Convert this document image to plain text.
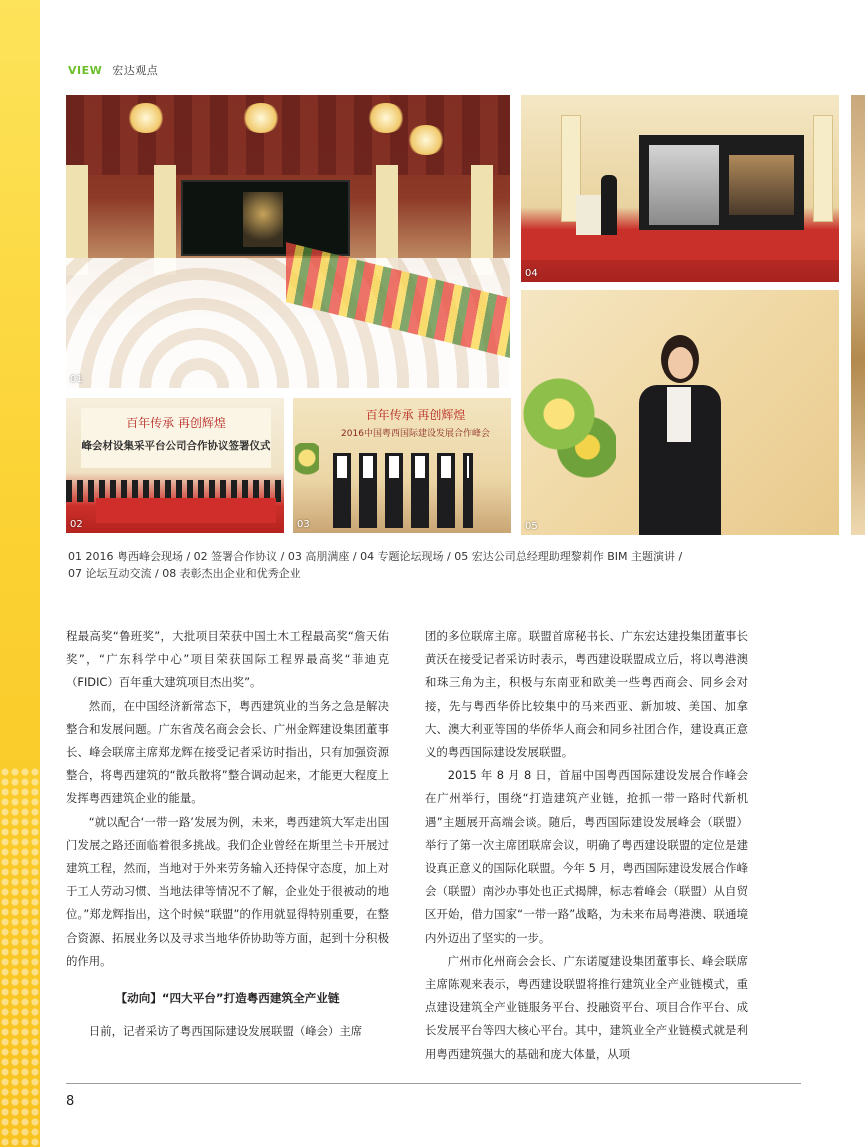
VIEW 宏达观点
01
04
05
百年传承 再创辉煌
峰会材设集采平台公司合作协议签署仪式
02
百年传承 再创辉煌
2016中国粤西国际建设发展合作峰会
03
01 2016 粤西峰会现场 / 02 签署合作协议 / 03 高朋满座 / 04 专题论坛现场 / 05 宏达公司总经理助理黎莉作 BIM 主题演讲 /
07 论坛互动交流 / 08 表彰杰出企业和优秀企业

程最高奖“鲁班奖”，大批项目荣获中国土木工程最高奖“詹天佑奖”，“广东科学中心”项目荣获国际工程界最高奖“菲迪克（FIDIC）百年重大建筑项目杰出奖”。

然而，在中国经济新常态下，粤西建筑业的当务之急是解决整合和发展问题。广东省茂名商会会长、广州金辉建设集团董事长、峰会联席主席郑龙辉在接受记者采访时指出，只有加强资源整合，将粤西建筑的“散兵散将”整合调动起来，才能更大程度上发挥粤西建筑企业的能量。

“就以配合‘一带一路’发展为例，未来，粤西建筑大军走出国门发展之路还面临着很多挑战。我们企业曾经在斯里兰卡开展过建筑工程，然而，当地对于外来劳务输入还持保守态度，加上对于工人劳动习惯、当地法律等情况不了解，企业处于很被动的地位。”郑龙辉指出，这个时候“联盟”的作用就显得特别重要，在整合资源、拓展业务以及寻求当地华侨协助等方面，起到十分积极的作用。

【动向】“四大平台”打造粤西建筑全产业链

日前，记者采访了粤西国际建设发展联盟（峰会）主席

团的多位联席主席。联盟首席秘书长、广东宏达建投集团董事长黄沃在接受记者采访时表示，粤西建设联盟成立后，将以粤港澳和珠三角为主，积极与东南亚和欧美一些粤西商会、同乡会对接，先与粤西华侨比较集中的马来西亚、新加坡、美国、加拿大、澳大利亚等国的华侨华人商会和同乡社团合作，建设真正意义的粤西国际建设发展联盟。

2015 年 8 月 8 日，首届中国粤西国际建设发展合作峰会在广州举行，围绕“打造建筑产业链，抢抓一带一路时代新机遇”主题展开高端会谈。随后，粤西国际建设发展峰会（联盟）举行了第一次主席团联席会议，明确了粤西建设联盟的定位是建设真正意义的国际化联盟。今年 5 月，粤西国际建设发展合作峰会（联盟）南沙办事处也正式揭牌，标志着峰会（联盟）从自贸区开始，借力国家“一带一路”战略，为未来布局粤港澳、联通境内外迈出了坚实的一步。

广州市化州商会会长、广东诺厦建设集团董事长、峰会联席主席陈观来表示，粤西建设联盟将推行建筑业全产业链模式，重点建设建筑全产业链服务平台、投融资平台、项目合作平台、成长发展平台等四大核心平台。其中，建筑业全产业链模式就是利用粤西建筑强大的基础和庞大体量，从项

8
